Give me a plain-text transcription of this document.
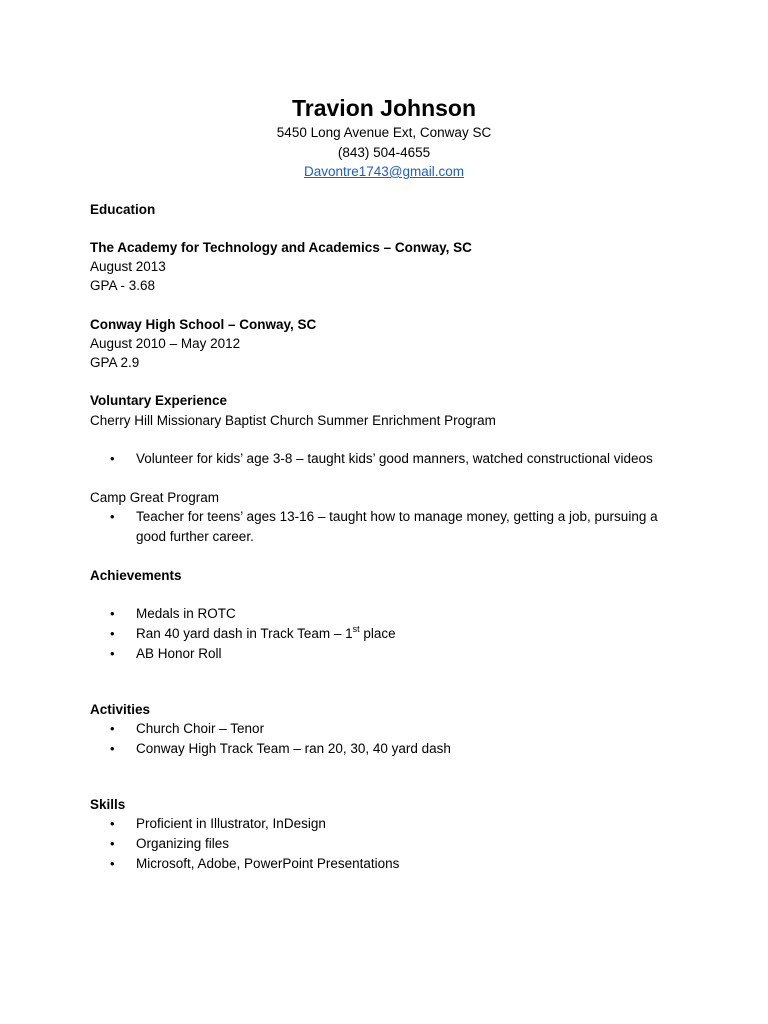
Travion Johnson
5450 Long Avenue Ext, Conway SC
(843) 504-4655
Davontre1743@gmail.com
Education
The Academy for Technology and Academics – Conway, SC
August 2013
GPA - 3.68
Conway High School – Conway, SC
August 2010 – May 2012
GPA 2.9
Voluntary Experience
Cherry Hill Missionary Baptist Church Summer Enrichment Program
• Volunteer for kids’ age 3-8 – taught kids’ good manners, watched constructional videos
Camp Great Program
• Teacher for teens’ ages 13-16 – taught how to manage money, getting a job, pursuing a
good further career.
Achievements
• Medals in ROTC
• Ran 40 yard dash in Track Team – 1st place
• AB Honor Roll
Activities
• Church Choir – Tenor
• Conway High Track Team – ran 20, 30, 40 yard dash
Skills
• Proficient in Illustrator, InDesign
• Organizing files
• Microsoft, Adobe, PowerPoint Presentations
